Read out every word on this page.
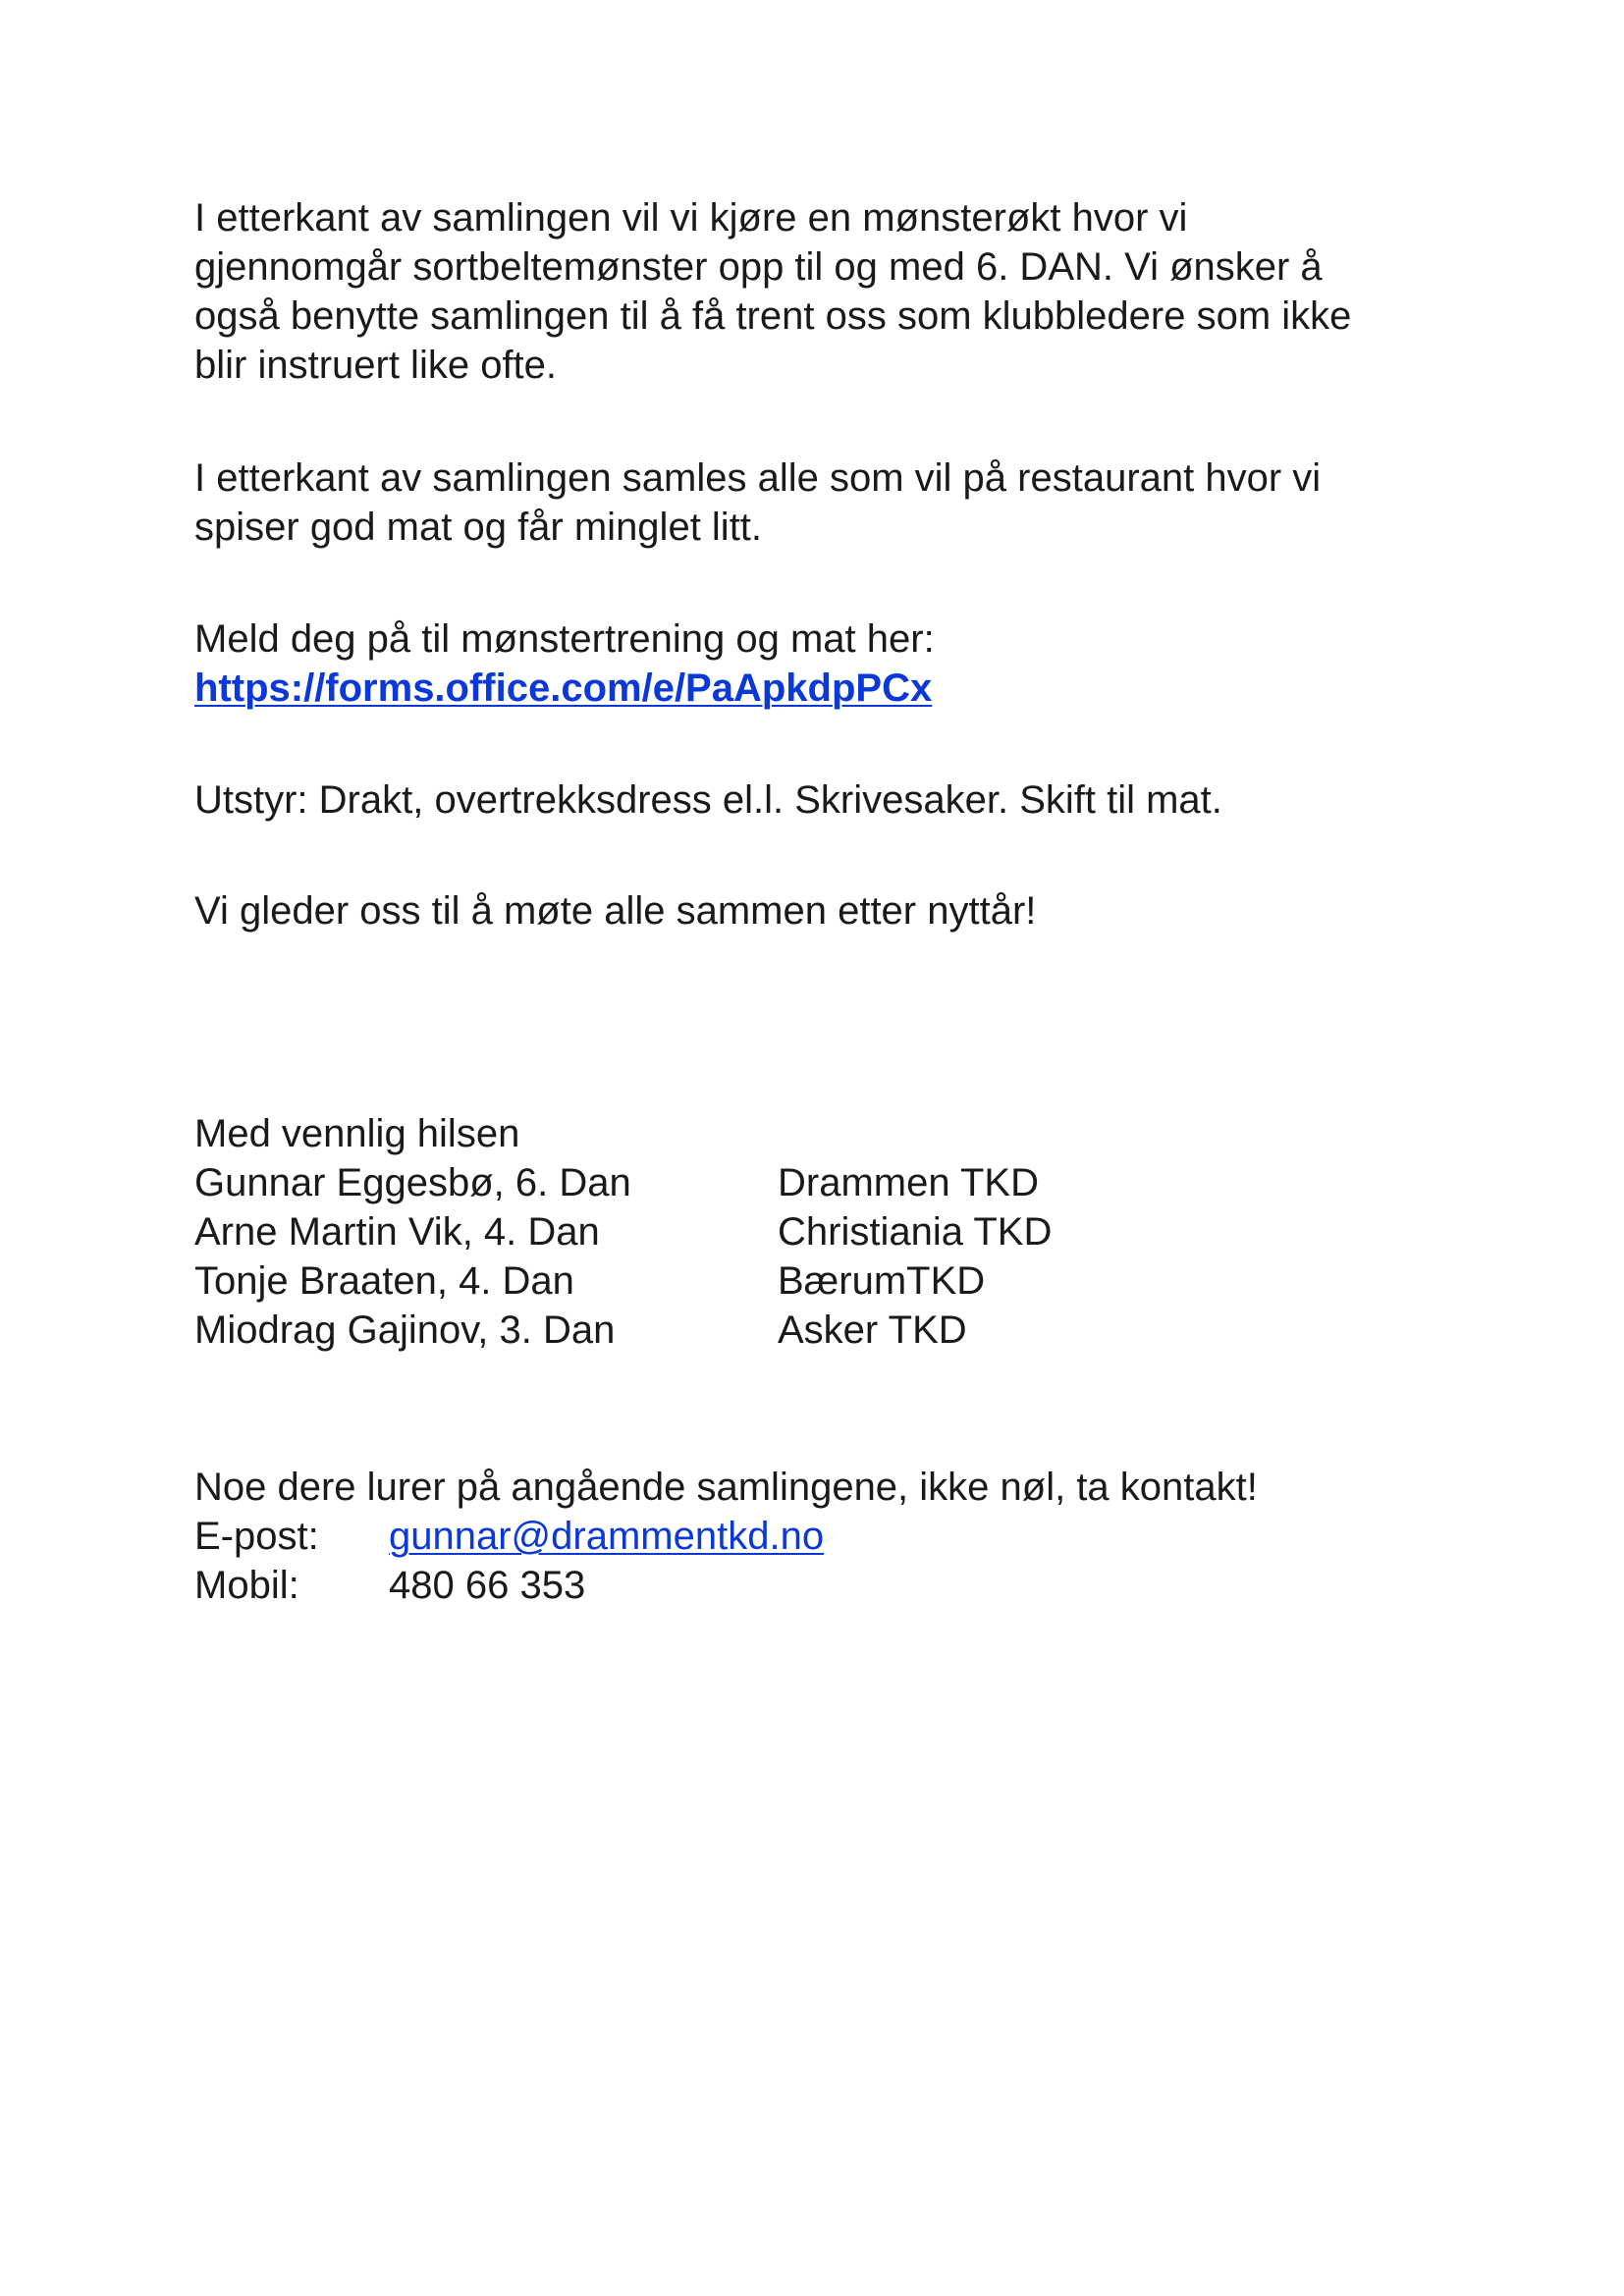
I etterkant av samlingen vil vi kjøre en mønsterøkt hvor vi
gjennomgår sortbeltemønster opp til og med 6. DAN. Vi ønsker å
også benytte samlingen til å få trent oss som klubbledere som ikke
blir instruert like ofte.
I etterkant av samlingen samles alle som vil på restaurant hvor vi
spiser god mat og får minglet litt.
Meld deg på til mønstertrening og mat her:
https://forms.office.com/e/PaApkdpPCx
Utstyr: Drakt, overtrekksdress el.l. Skrivesaker. Skift til mat.
Vi gleder oss til å møte alle sammen etter nyttår!
Med vennlig hilsen
Gunnar Eggesbø, 6. Dan	Drammen TKD
Arne Martin Vik, 4. Dan	Christiania TKD
Tonje Braaten, 4. Dan	BærumTKD
Miodrag Gajinov, 3. Dan	Asker TKD
Noe dere lurer på angående samlingene, ikke nøl, ta kontakt!
E-post: gunnar@drammentkd.no
Mobil: 480 66 353
